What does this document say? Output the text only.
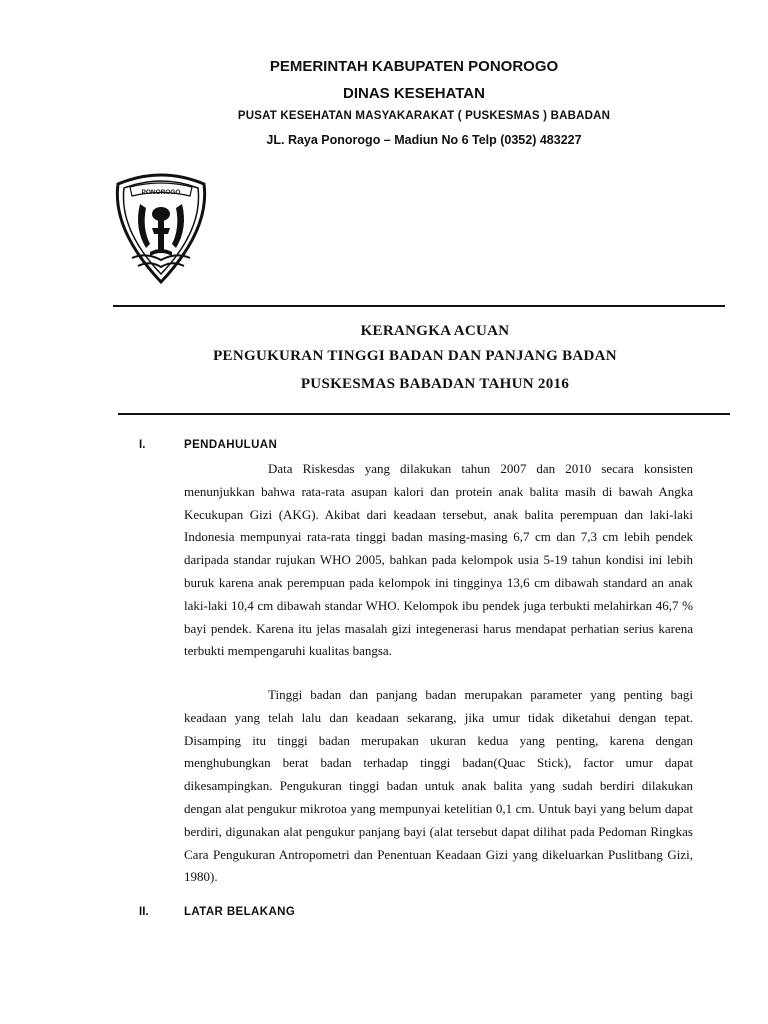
PEMERINTAH KABUPATEN PONOROGO
DINAS KESEHATAN
PUSAT KESEHATAN MASYAKARAKAT ( PUSKESMAS ) BABADAN
JL. Raya Ponorogo – Madiun No 6 Telp (0352) 483227
PONOROGO
KERANGKA ACUAN
PENGUKURAN TINGGI BADAN DAN PANJANG BADAN
PUSKESMAS BABADAN TAHUN 2016
I.	PENDAHULUAN

Data Riskesdas yang dilakukan tahun 2007 dan 2010 secara konsisten menunjukkan bahwa rata-rata asupan kalori dan protein anak balita masih di bawah Angka Kecukupan Gizi (AKG). Akibat dari keadaan tersebut, anak balita perempuan dan laki-laki Indonesia mempunyai rata-rata tinggi badan masing-masing 6,7 cm dan 7,3 cm lebih pendek daripada standar rujukan WHO 2005, bahkan pada kelompok usia 5-19 tahun kondisi ini lebih buruk karena anak perempuan pada kelompok ini tingginya 13,6 cm dibawah standard an anak laki-laki 10,4 cm dibawah standar WHO. Kelompok ibu pendek juga terbukti melahirkan 46,7 % bayi pendek. Karena itu jelas masalah gizi integenerasi harus mendapat perhatian serius karena terbukti mempengaruhi kualitas bangsa.

Tinggi badan dan panjang badan merupakan parameter yang penting bagi keadaan yang telah lalu dan keadaan sekarang, jika umur tidak diketahui dengan tepat. Disamping itu tinggi badan merupakan ukuran kedua yang penting, karena dengan menghubungkan berat badan terhadap tinggi badan(Quac Stick), factor umur dapat dikesampingkan. Pengukuran tinggi badan untuk anak balita yang sudah berdiri dilakukan dengan alat pengukur mikrotoa yang mempunyai ketelitian 0,1 cm. Untuk bayi yang belum dapat berdiri, digunakan alat pengukur panjang bayi (alat tersebut dapat dilihat pada Pedoman Ringkas Cara Pengukuran Antropometri dan Penentuan Keadaan Gizi yang dikeluarkan Puslitbang Gizi, 1980).

II.	LATAR BELAKANG
